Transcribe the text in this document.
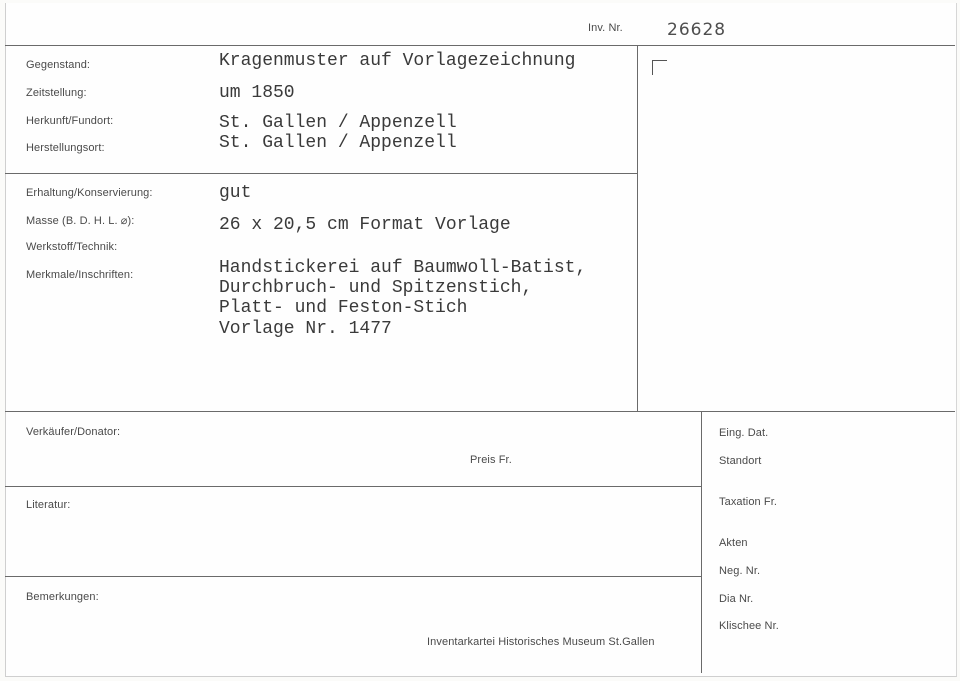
Inv. Nr.	26628
Gegenstand:
Zeitstellung:
Herkunft/Fundort:
Herstellungsort:
Kragenmuster auf Vorlagezeichnung
um 1850
St. Gallen / Appenzell
St. Gallen / Appenzell
Erhaltung/Konservierung:
Masse (B. D. H. L. ⌀):
Werkstoff/Technik:
Merkmale/Inschriften:
gut
26 x 20,5 cm Format Vorlage
Handstickerei auf Baumwoll-Batist,
Durchbruch- und Spitzenstich,
Platt- und Feston-Stich
Vorlage Nr. 1477
Verkäufer/Donator:
Preis Fr.
Literatur:
Bemerkungen:
Inventarkartei Historisches Museum St.Gallen
Eing. Dat.
Standort
Taxation Fr.
Akten
Neg. Nr.
Dia Nr.
Klischee Nr.
